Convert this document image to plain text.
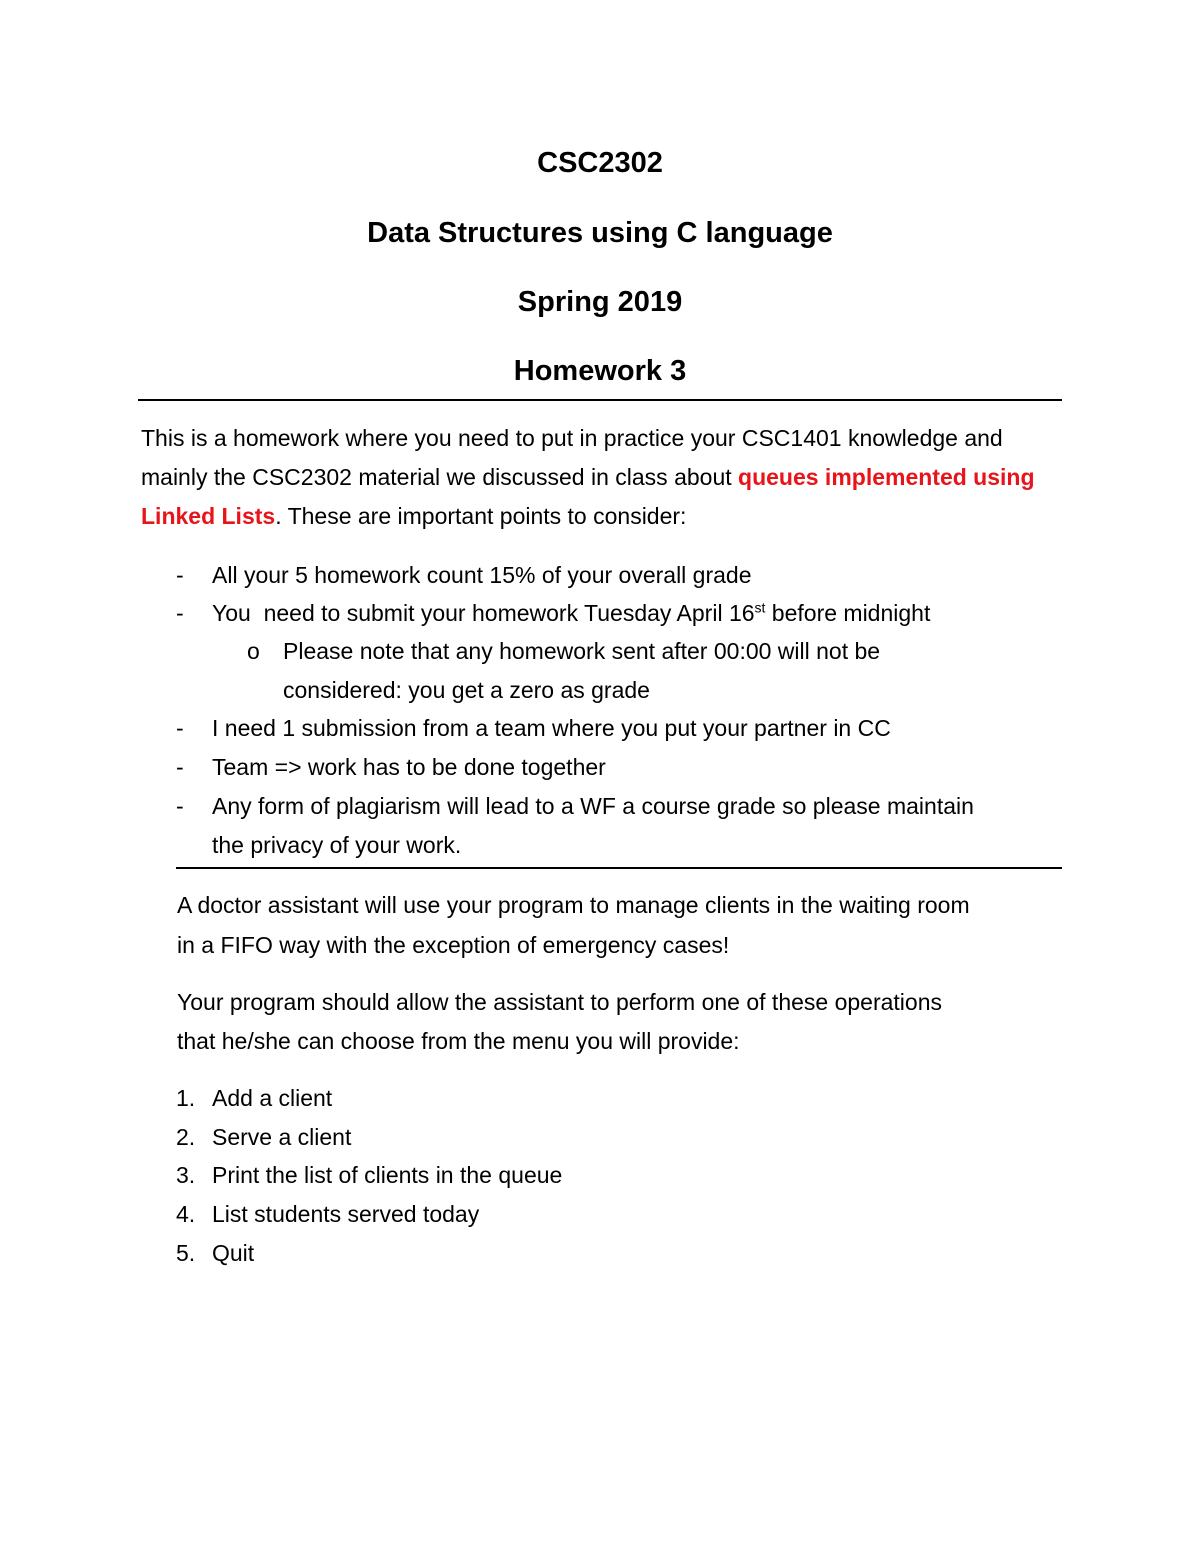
CSC2302

Data Structures using C language

Spring 2019

Homework 3

This is a homework where you need to put in practice your CSC1401 knowledge and mainly the CSC2302 material we discussed in class about queues implemented using Linked Lists. These are important points to consider:

- All your 5 homework count 15% of your overall grade
- You  need to submit your homework Tuesday April 16st before midnight
o Please note that any homework sent after 00:00 will not be
considered: you get a zero as grade
- I need 1 submission from a team where you put your partner in CC
- Team => work has to be done together
- Any form of plagiarism will lead to a WF a course grade so please maintain
the privacy of your work.
A doctor assistant will use your program to manage clients in the waiting room
in a FIFO way with the exception of emergency cases!
Your program should allow the assistant to perform one of these operations
that he/she can choose from the menu you will provide:
1. Add a client
2. Serve a client
3. Print the list of clients in the queue
4. List students served today
5. Quit
